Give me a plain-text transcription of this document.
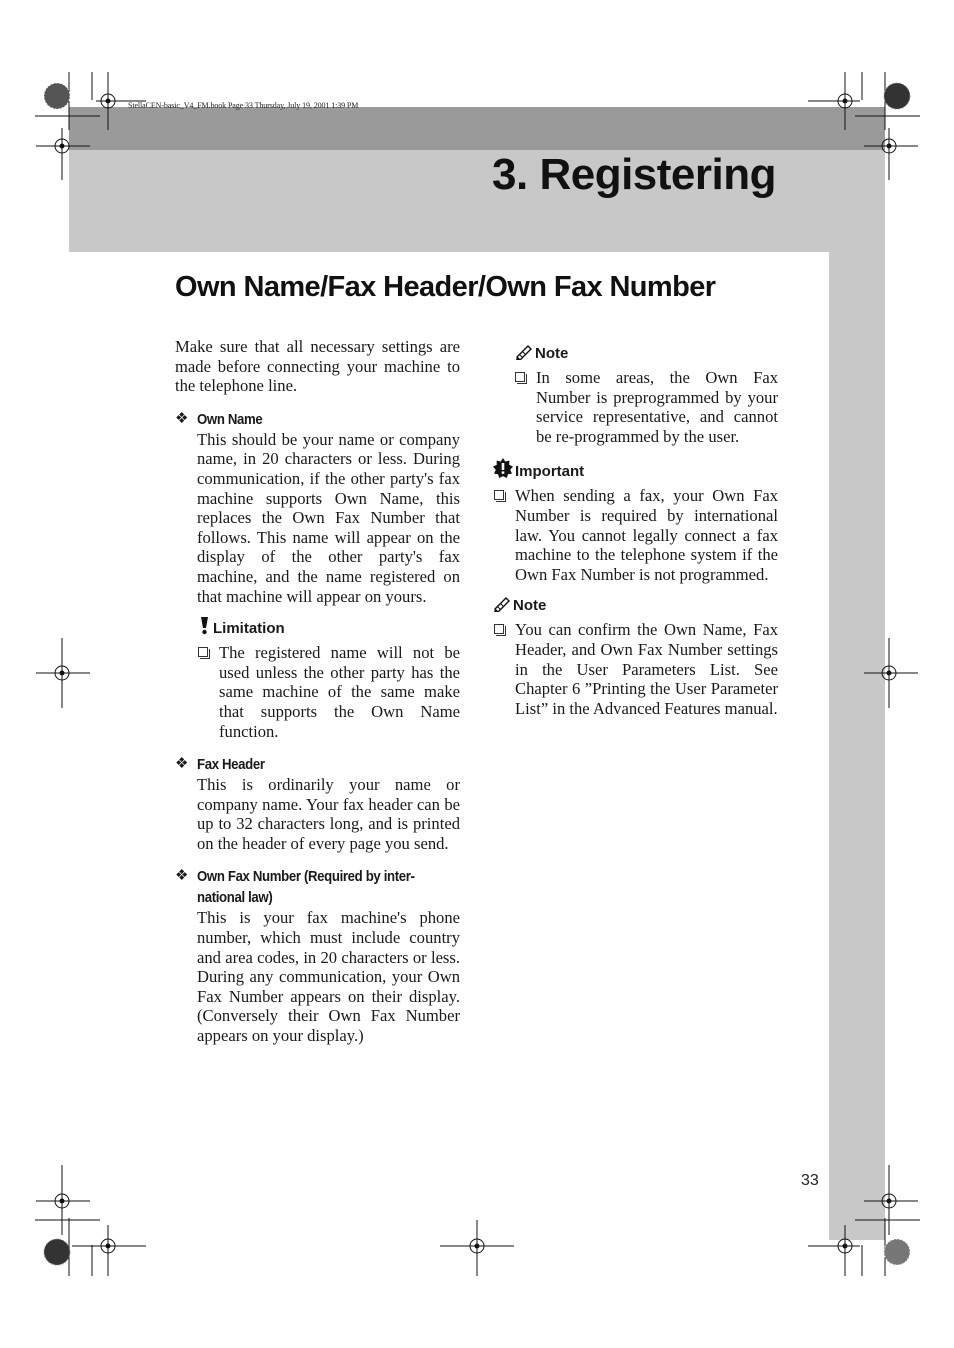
StellaCEN-basic_V4_FM.book Page 33 Thursday, July 19, 2001 1:39 PM
3. Registering
Own Name/Fax Header/Own Fax Number
Make sure that all necessary settings are made before connecting your machine to the telephone line.
❖ Own Name
This should be your name or company name, in 20 characters or less. During communication, if the other party's fax machine supports Own Name, this replaces the Own Fax Number that follows. This name will appear on the display of the other party's fax machine, and the name registered on that machine will appear on yours.
Limitation
The registered name will not be used unless the other party has the same machine of the same make that supports the Own Name function.
❖ Fax Header
This is ordinarily your name or company name. Your fax header can be up to 32 characters long, and is printed on the header of every page you send.
❖ Own Fax Number (Required by inter-
national law)
This is your fax machine's phone number, which must include country and area codes, in 20 characters or less. During any communication, your Own Fax Number appears on their display. (Conversely their Own Fax Number appears on your display.)
Note
In some areas, the Own Fax Number is preprogrammed by your service representative, and cannot be re-programmed by the user.
Important
When sending a fax, your Own Fax Number is required by international law. You cannot legally connect a fax machine to the telephone system if the Own Fax Number is not programmed.
Note
You can confirm the Own Name, Fax Header, and Own Fax Number settings in the User Parameters List. See Chapter 6 ”Printing the User Parameter List” in the Advanced Features manual.
33
